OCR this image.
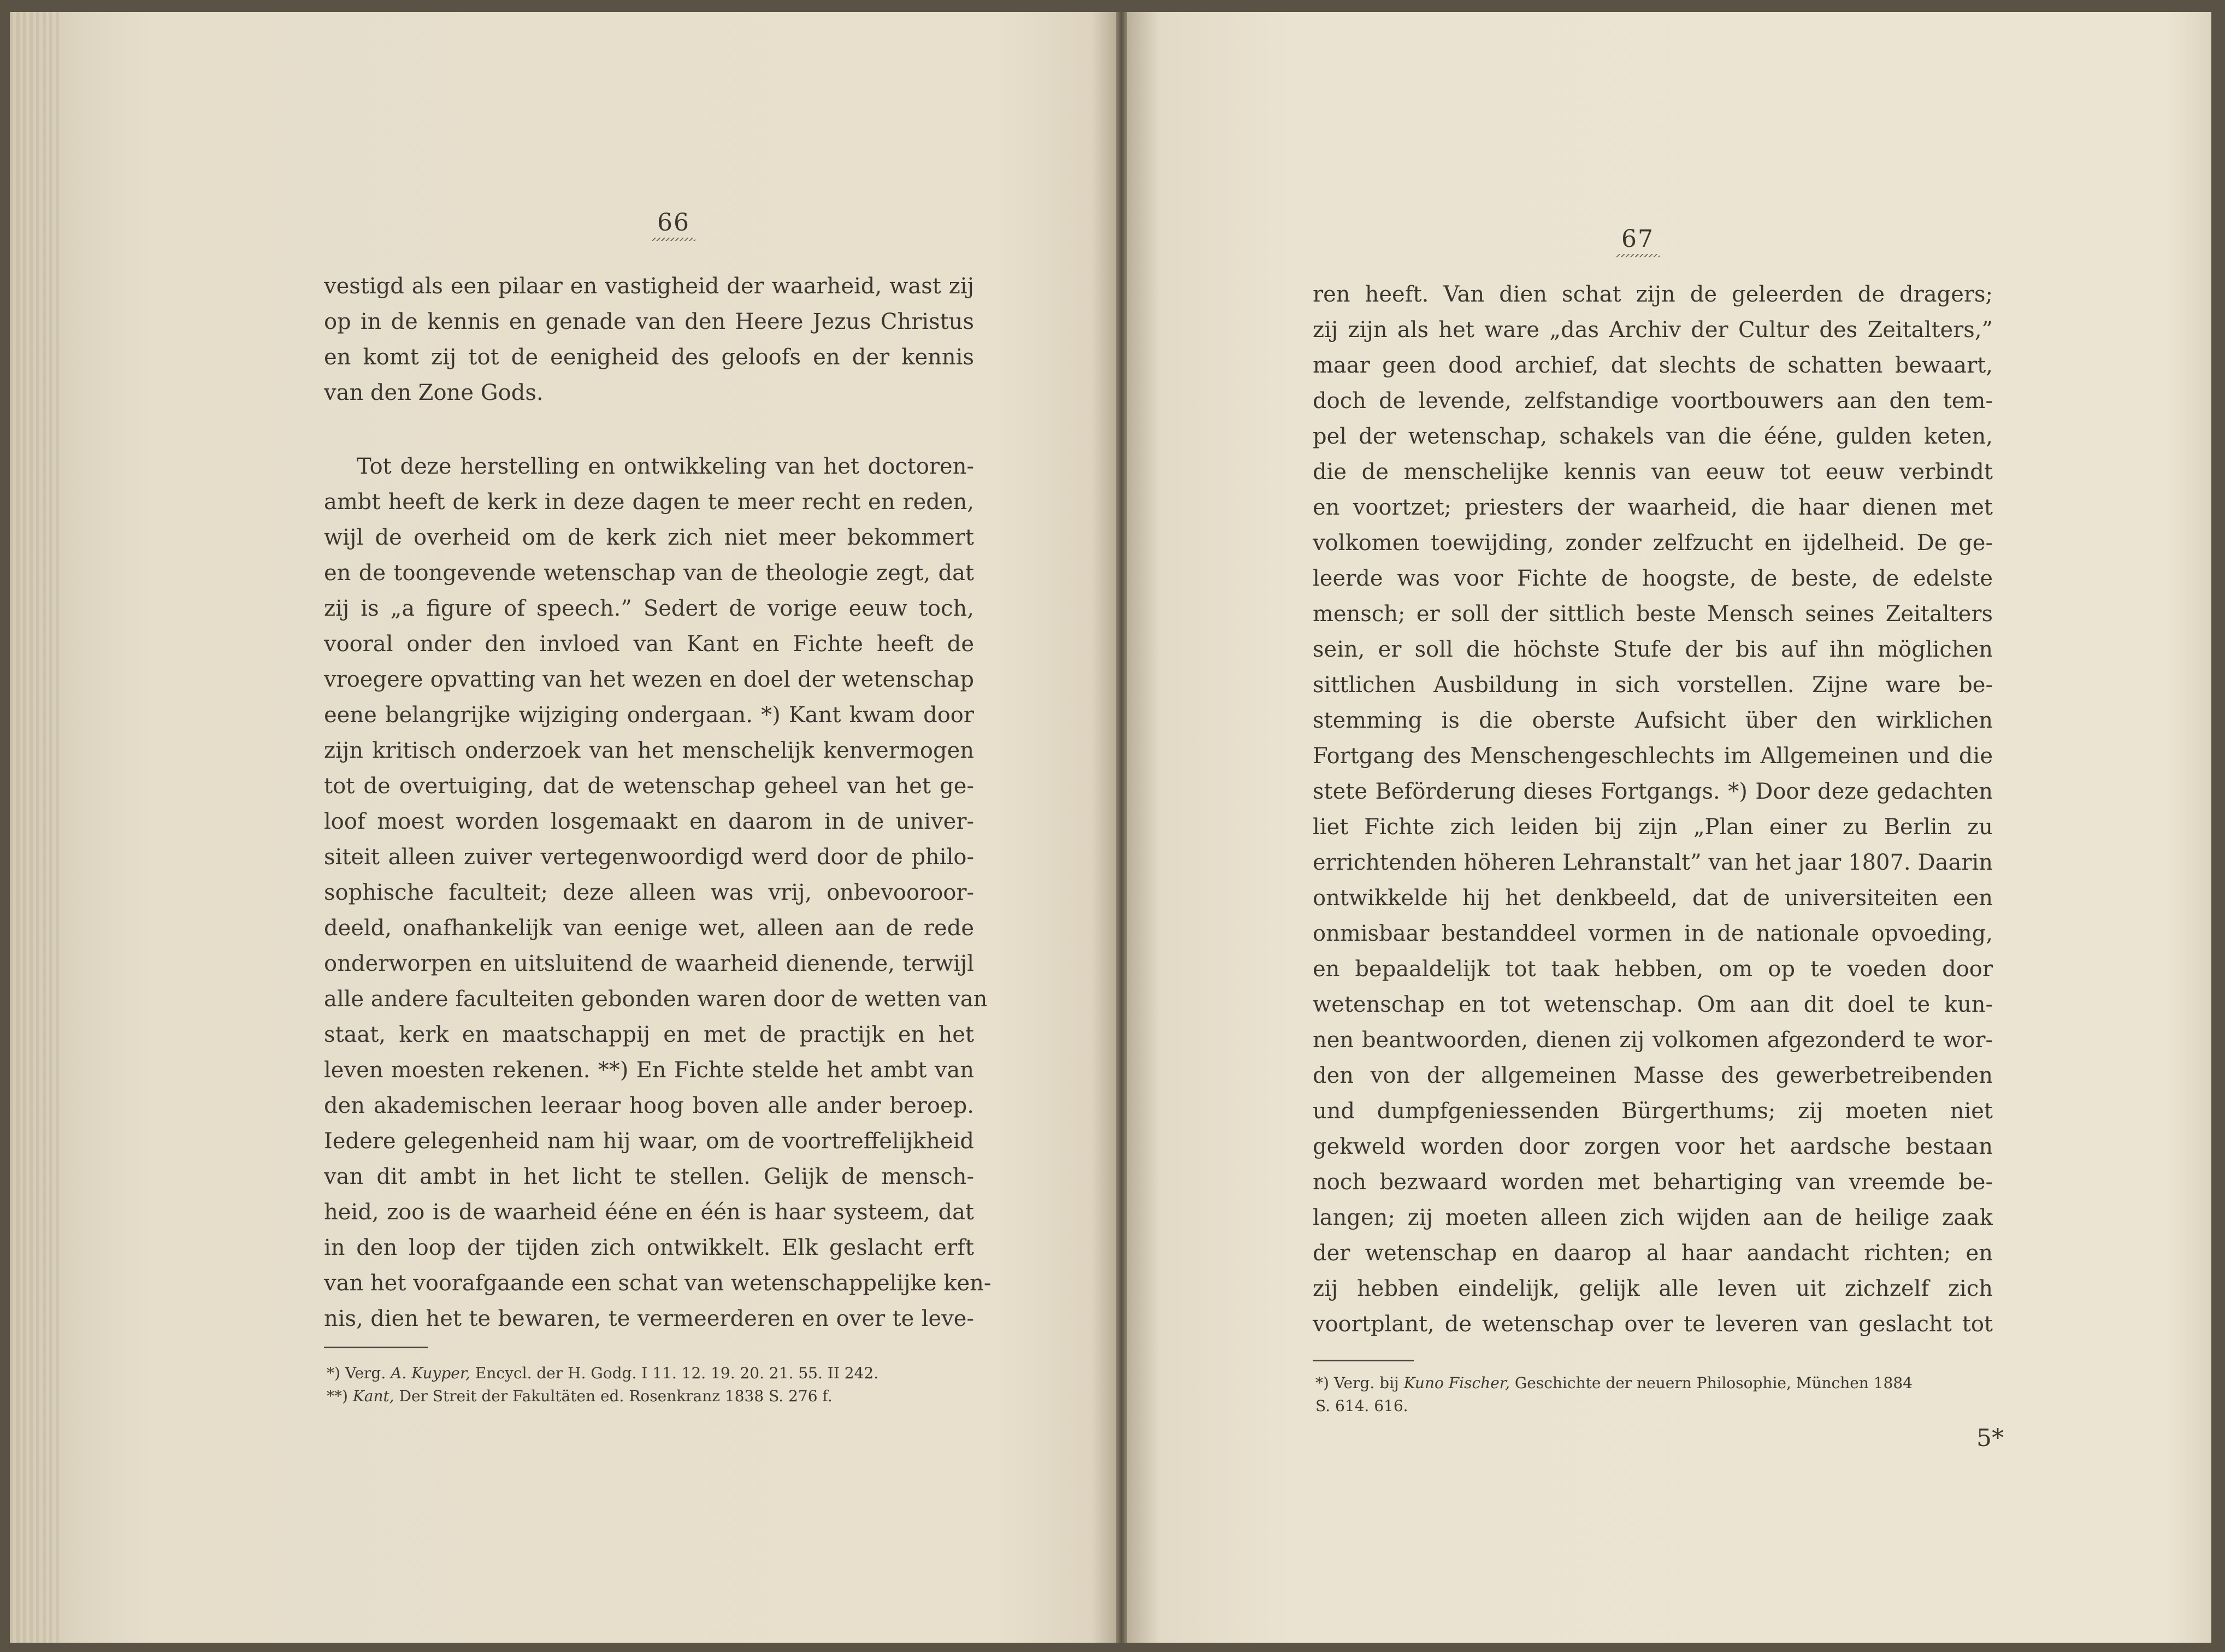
66
vestigd als een pilaar en vastigheid der waarheid, wast zij
op in de kennis en genade van den Heere Jezus Christus
en komt zij tot de eenigheid des geloofs en der kennis
van den Zone Gods.
Tot deze herstelling en ontwikkeling van het doctoren-
ambt heeft de kerk in deze dagen te meer recht en reden,
wijl de overheid om de kerk zich niet meer bekommert
en de toongevende wetenschap van de theologie zegt, dat
zij is „a figure of speech.” Sedert de vorige eeuw toch,
vooral onder den invloed van Kant en Fichte heeft de
vroegere opvatting van het wezen en doel der wetenschap
eene belangrijke wijziging ondergaan. *) Kant kwam door
zijn kritisch onderzoek van het menschelijk kenvermogen
tot de overtuiging, dat de wetenschap geheel van het ge-
loof moest worden losgemaakt en daarom in de univer-
siteit alleen zuiver vertegenwoordigd werd door de philo-
sophische faculteit; deze alleen was vrij, onbevooroor-
deeld, onafhankelijk van eenige wet, alleen aan de rede
onderworpen en uitsluitend de waarheid dienende, terwijl
alle andere faculteiten gebonden waren door de wetten van
staat, kerk en maatschappij en met de practijk en het
leven moesten rekenen. **) En Fichte stelde het ambt van
den akademischen leeraar hoog boven alle ander beroep.
Iedere gelegenheid nam hij waar, om de voortreffelijkheid
van dit ambt in het licht te stellen. Gelijk de mensch-
heid, zoo is de waarheid ééne en één is haar systeem, dat
in den loop der tijden zich ontwikkelt. Elk geslacht erft
van het voorafgaande een schat van wetenschappelijke ken-
nis, dien het te bewaren, te vermeerderen en over te leve-
*) Verg. A. Kuyper, Encycl. der H. Godg. I 11. 12. 19. 20. 21. 55. II 242.
**) Kant, Der Streit der Fakultäten ed. Rosenkranz 1838 S. 276 f.
67
ren heeft. Van dien schat zijn de geleerden de dragers;
zij zijn als het ware „das Archiv der Cultur des Zeitalters,”
maar geen dood archief, dat slechts de schatten bewaart,
doch de levende, zelfstandige voortbouwers aan den tem-
pel der wetenschap, schakels van die ééne, gulden keten,
die de menschelijke kennis van eeuw tot eeuw verbindt
en voortzet; priesters der waarheid, die haar dienen met
volkomen toewijding, zonder zelfzucht en ijdelheid. De ge-
leerde was voor Fichte de hoogste, de beste, de edelste
mensch; er soll der sittlich beste Mensch seines Zeitalters
sein, er soll die höchste Stufe der bis auf ihn möglichen
sittlichen Ausbildung in sich vorstellen. Zijne ware be-
stemming is die oberste Aufsicht über den wirklichen
Fortgang des Menschengeschlechts im Allgemeinen und die
stete Beförderung dieses Fortgangs. *) Door deze gedachten
liet Fichte zich leiden bij zijn „Plan einer zu Berlin zu
errichtenden höheren Lehranstalt” van het jaar 1807. Daarin
ontwikkelde hij het denkbeeld, dat de universiteiten een
onmisbaar bestanddeel vormen in de nationale opvoeding,
en bepaaldelijk tot taak hebben, om op te voeden door
wetenschap en tot wetenschap. Om aan dit doel te kun-
nen beantwoorden, dienen zij volkomen afgezonderd te wor-
den von der allgemeinen Masse des gewerbetreibenden
und dumpfgeniessenden Bürgerthums; zij moeten niet
gekweld worden door zorgen voor het aardsche bestaan
noch bezwaard worden met behartiging van vreemde be-
langen; zij moeten alleen zich wijden aan de heilige zaak
der wetenschap en daarop al haar aandacht richten; en
zij hebben eindelijk, gelijk alle leven uit zichzelf zich
voortplant, de wetenschap over te leveren van geslacht tot
*) Verg. bij Kuno Fischer, Geschichte der neuern Philosophie, München 1884
S. 614. 616.
5*
